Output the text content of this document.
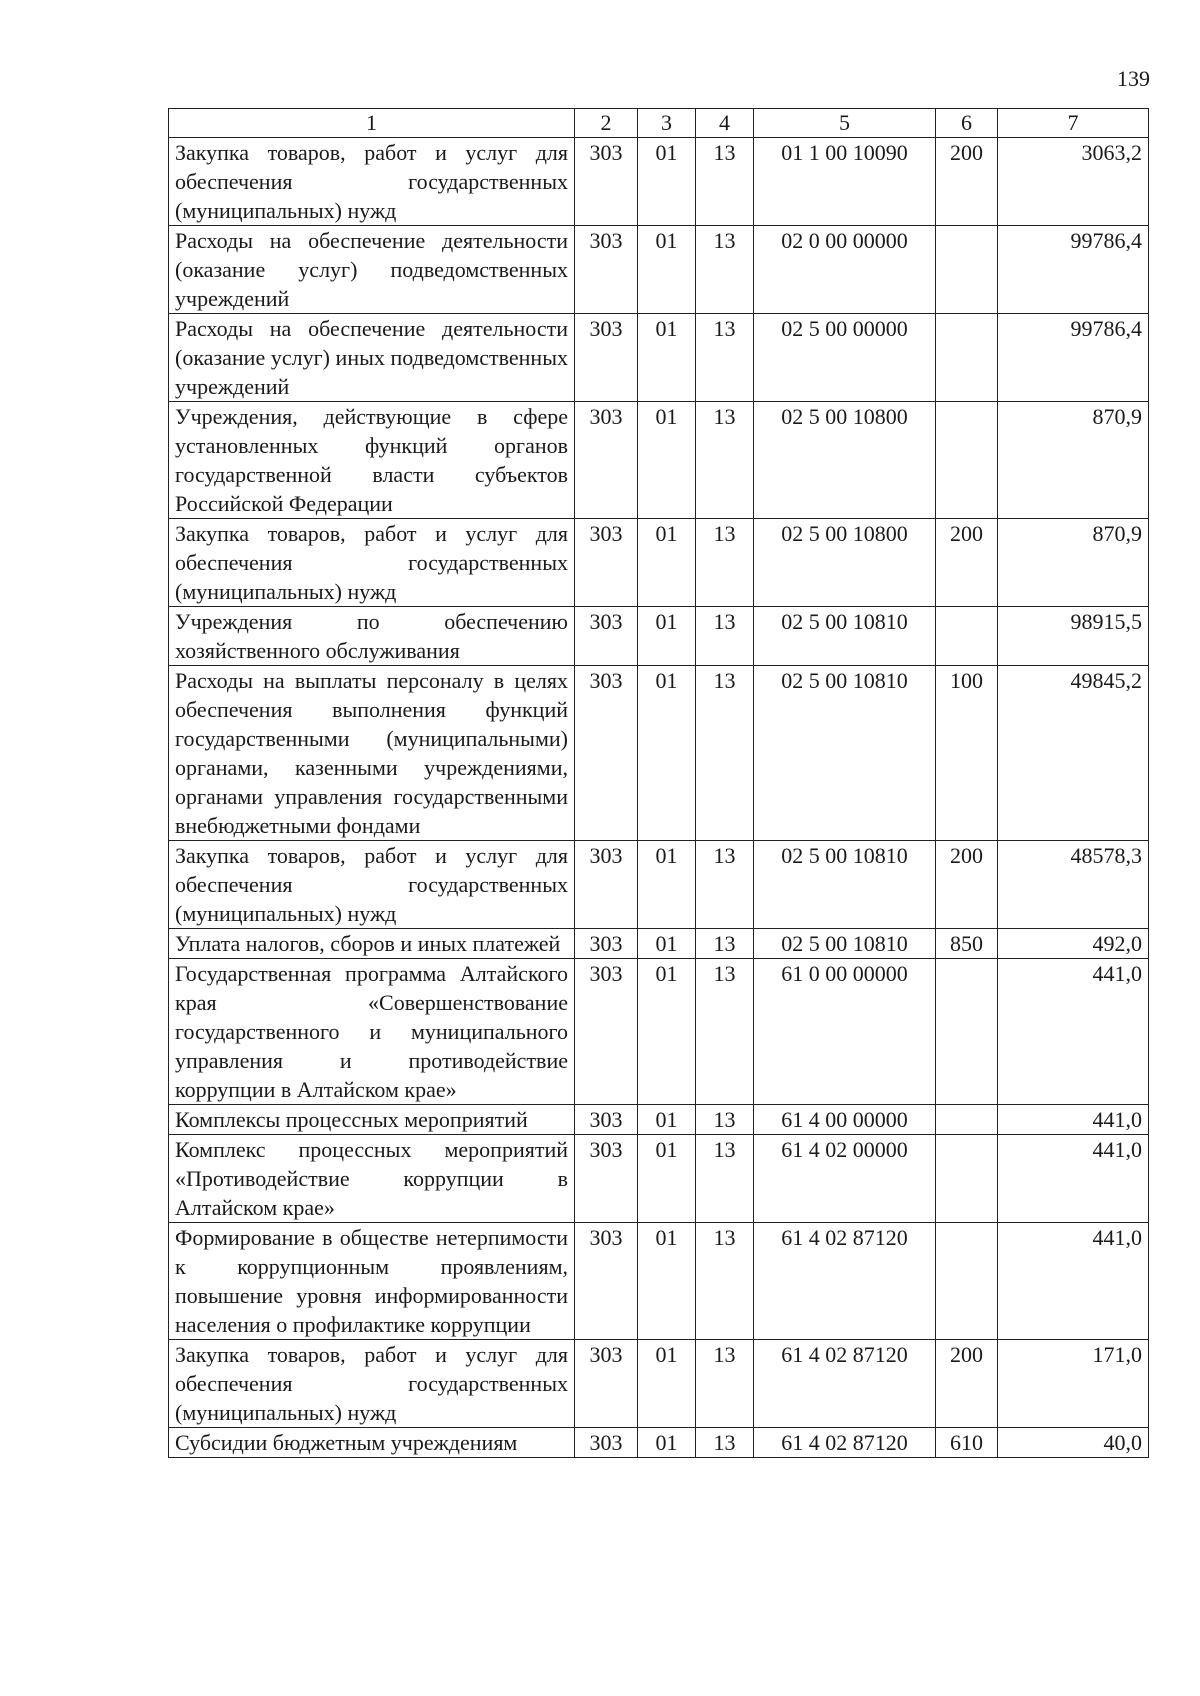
139
1	2	3	4	5	6	7
Закупка товаров, работ и услуг для обеспечения государственных (муниципальных) нужд	303	01	13	01 1 00 10090	200	3063,2
Расходы на обеспечение деятельности (оказание услуг) подведомственных учреждений	303	01	13	02 0 00 00000		99786,4
Расходы на обеспечение деятельности (оказание услуг) иных подведомственных учреждений	303	01	13	02 5 00 00000		99786,4
Учреждения, действующие в сфере установленных функций органов государственной власти субъектов Российской Федерации	303	01	13	02 5 00 10800		870,9
Закупка товаров, работ и услуг для обеспечения государственных (муниципальных) нужд	303	01	13	02 5 00 10800	200	870,9
Учреждения по обеспечению хозяйственного обслуживания	303	01	13	02 5 00 10810		98915,5
Расходы на выплаты персоналу в целях обеспечения выполнения функций государственными (муниципальными) органами, казенными учреждениями, органами управления государственными внебюджетными фондами	303	01	13	02 5 00 10810	100	49845,2
Закупка товаров, работ и услуг для обеспечения государственных (муниципальных) нужд	303	01	13	02 5 00 10810	200	48578,3
Уплата налогов, сборов и иных платежей	303	01	13	02 5 00 10810	850	492,0
Государственная программа Алтайского края «Совершенствование государственного и муниципального управления и противодействие коррупции в Алтайском крае»	303	01	13	61 0 00 00000		441,0
Комплексы процессных мероприятий	303	01	13	61 4 00 00000		441,0
Комплекс процессных мероприятий «Противодействие коррупции в Алтайском крае»	303	01	13	61 4 02 00000		441,0
Формирование в обществе нетерпимости к коррупционным проявлениям, повышение уровня информированности населения о профилактике коррупции	303	01	13	61 4 02 87120		441,0
Закупка товаров, работ и услуг для обеспечения государственных (муниципальных) нужд	303	01	13	61 4 02 87120	200	171,0
Субсидии бюджетным учреждениям	303	01	13	61 4 02 87120	610	40,0
